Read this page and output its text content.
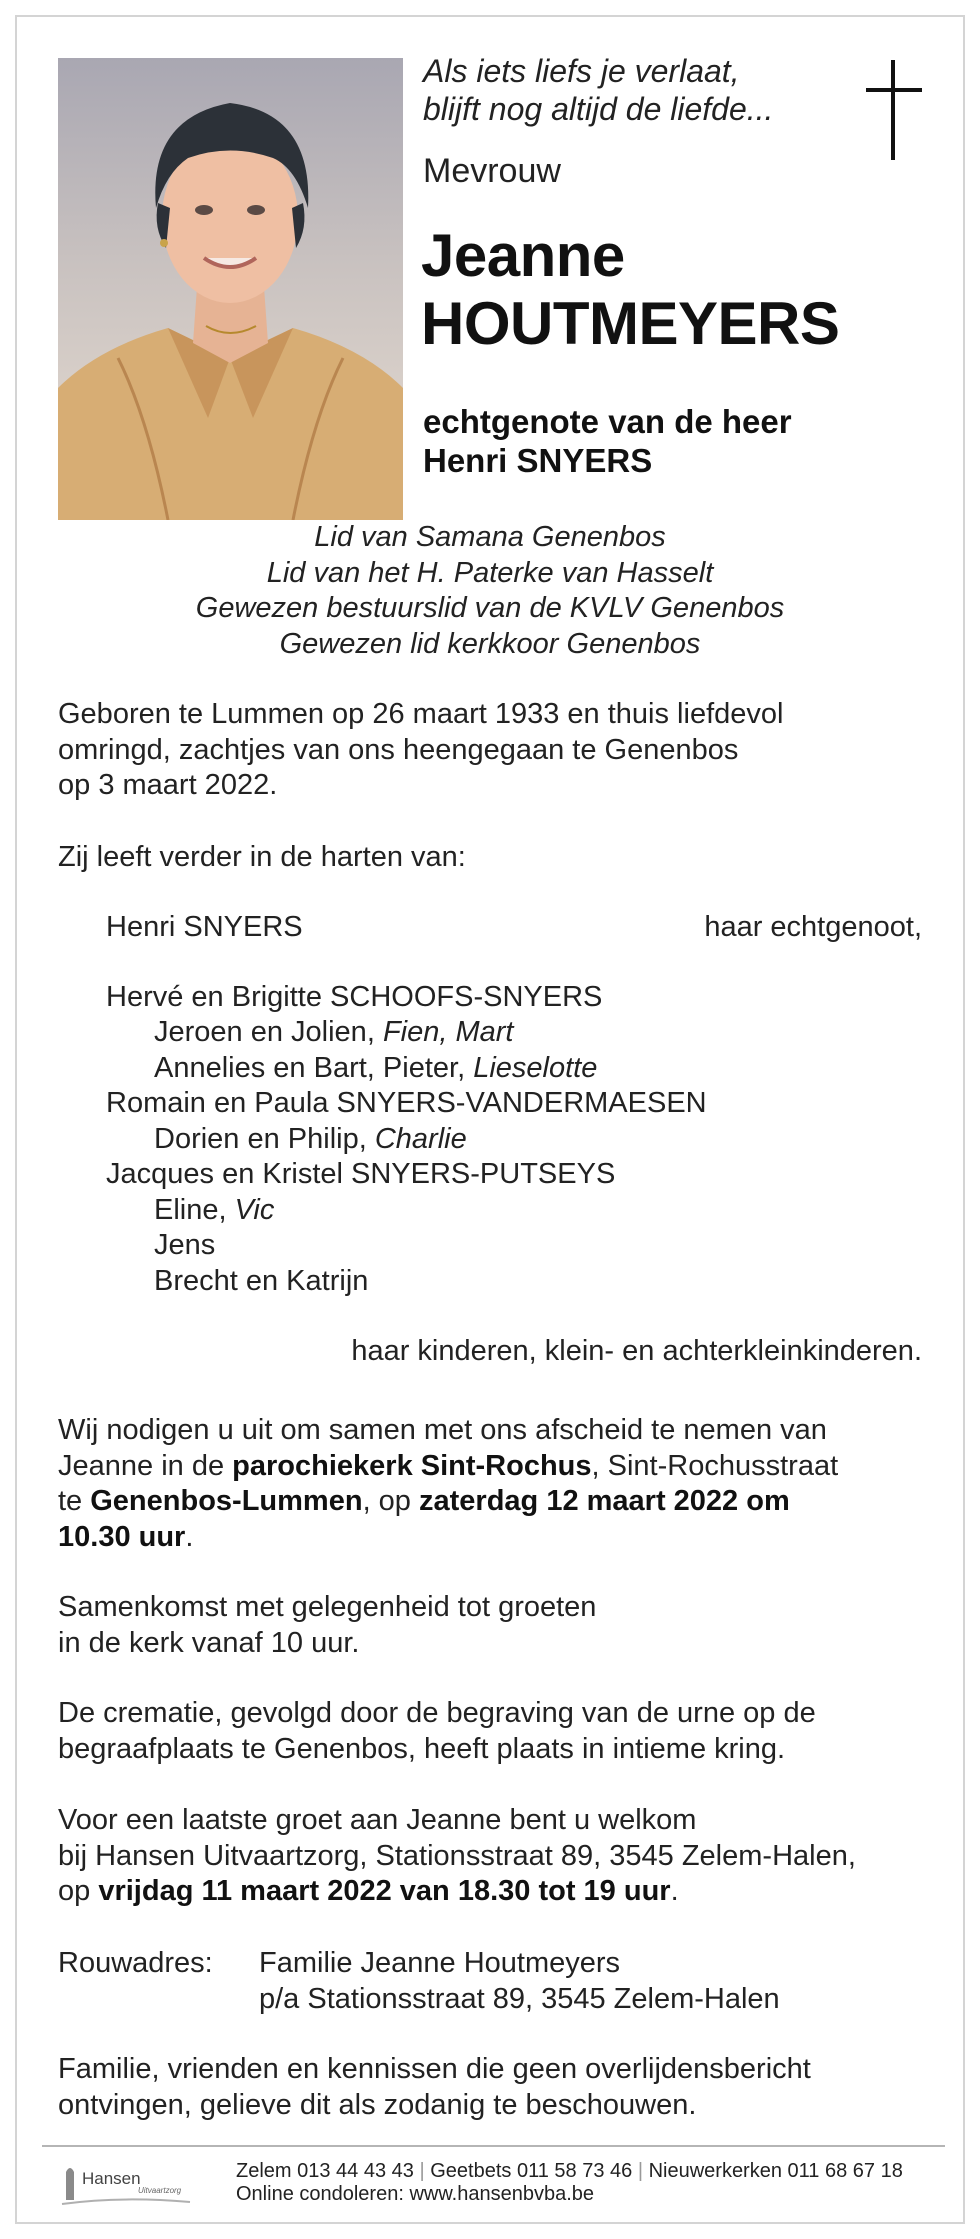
Als iets liefs je verlaat,
blijft nog altijd de liefde...
Mevrouw
Jeanne
HOUTMEYERS
echtgenote van de heer
Henri SNYERS
Lid van Samana Genenbos
Lid van het H. Paterke van Hasselt
Gewezen bestuurslid van de KVLV Genenbos
Gewezen lid kerkkoor Genenbos
Geboren te Lummen op 26 maart 1933 en thuis liefdevol
omringd, zachtjes van ons heengegaan te Genenbos
op 3 maart 2022.
Zij leeft verder in de harten van:
Henri SNYERS	haar echtgenoot,
Hervé en Brigitte SCHOOFS-SNYERS
Jeroen en Jolien, Fien, Mart
Annelies en Bart, Pieter, Lieselotte
Romain en Paula SNYERS-VANDERMAESEN
Dorien en Philip, Charlie
Jacques en Kristel SNYERS-PUTSEYS
Eline, Vic
Jens
Brecht en Katrijn
haar kinderen, klein- en achterkleinkinderen.
Wij nodigen u uit om samen met ons afscheid te nemen van
Jeanne in de parochiekerk Sint-Rochus, Sint-Rochusstraat
te Genenbos-Lummen, op zaterdag 12 maart 2022 om
10.30 uur.
Samenkomst met gelegenheid tot groeten
in de kerk vanaf 10 uur.
De crematie, gevolgd door de begraving van de urne op de
begraafplaats te Genenbos, heeft plaats in intieme kring.
Voor een laatste groet aan Jeanne bent u welkom
bij Hansen Uitvaartzorg, Stationsstraat 89, 3545 Zelem-Halen,
op vrijdag 11 maart 2022 van 18.30 tot 19 uur.
Rouwadres: Familie Jeanne Houtmeyers
p/a Stationsstraat 89, 3545 Zelem-Halen
Familie, vrienden en kennissen die geen overlijdensbericht
ontvingen, gelieve dit als zodanig te beschouwen.
Hansen
Uitvaartzorg
Zelem 013 44 43 43 | Geetbets 011 58 73 46 | Nieuwerkerken 011 68 67 18
Online condoleren: www.hansenbvba.be
